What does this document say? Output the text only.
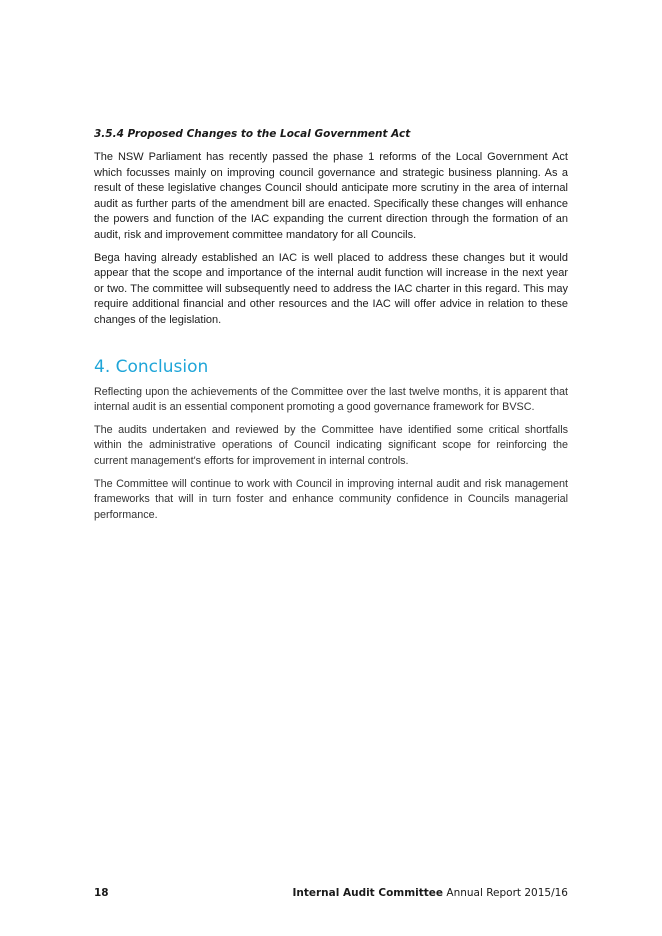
3.5.4 Proposed Changes to the Local Government Act

The NSW Parliament has recently passed the phase 1 reforms of the Local Government Act which focusses mainly on improving council governance and strategic business planning. As a result of these legislative changes Council should anticipate more scrutiny in the area of internal audit as further parts of the amendment bill are enacted. Specifically these changes will enhance the powers and function of the IAC expanding the current direction through the formation of an audit, risk and improvement committee mandatory for all Councils.

Bega having already established an IAC is well placed to address these changes but it would appear that the scope and importance of the internal audit function will increase in the next year or two. The committee will subsequently need to address the IAC charter in this regard. This may require additional financial and other resources and the IAC will offer advice in relation to these changes of the legislation.

4. Conclusion

Reflecting upon the achievements of the Committee over the last twelve months, it is apparent that internal audit is an essential component promoting a good governance framework for BVSC.

The audits undertaken and reviewed by the Committee have identified some critical shortfalls within the administrative operations of Council indicating significant scope for reinforcing the current management's efforts for improvement in internal controls.

The Committee will continue to work with Council in improving internal audit and risk management frameworks that will in turn foster and enhance community confidence in Councils managerial performance.

18	Internal Audit Committee Annual Report 2015/16
